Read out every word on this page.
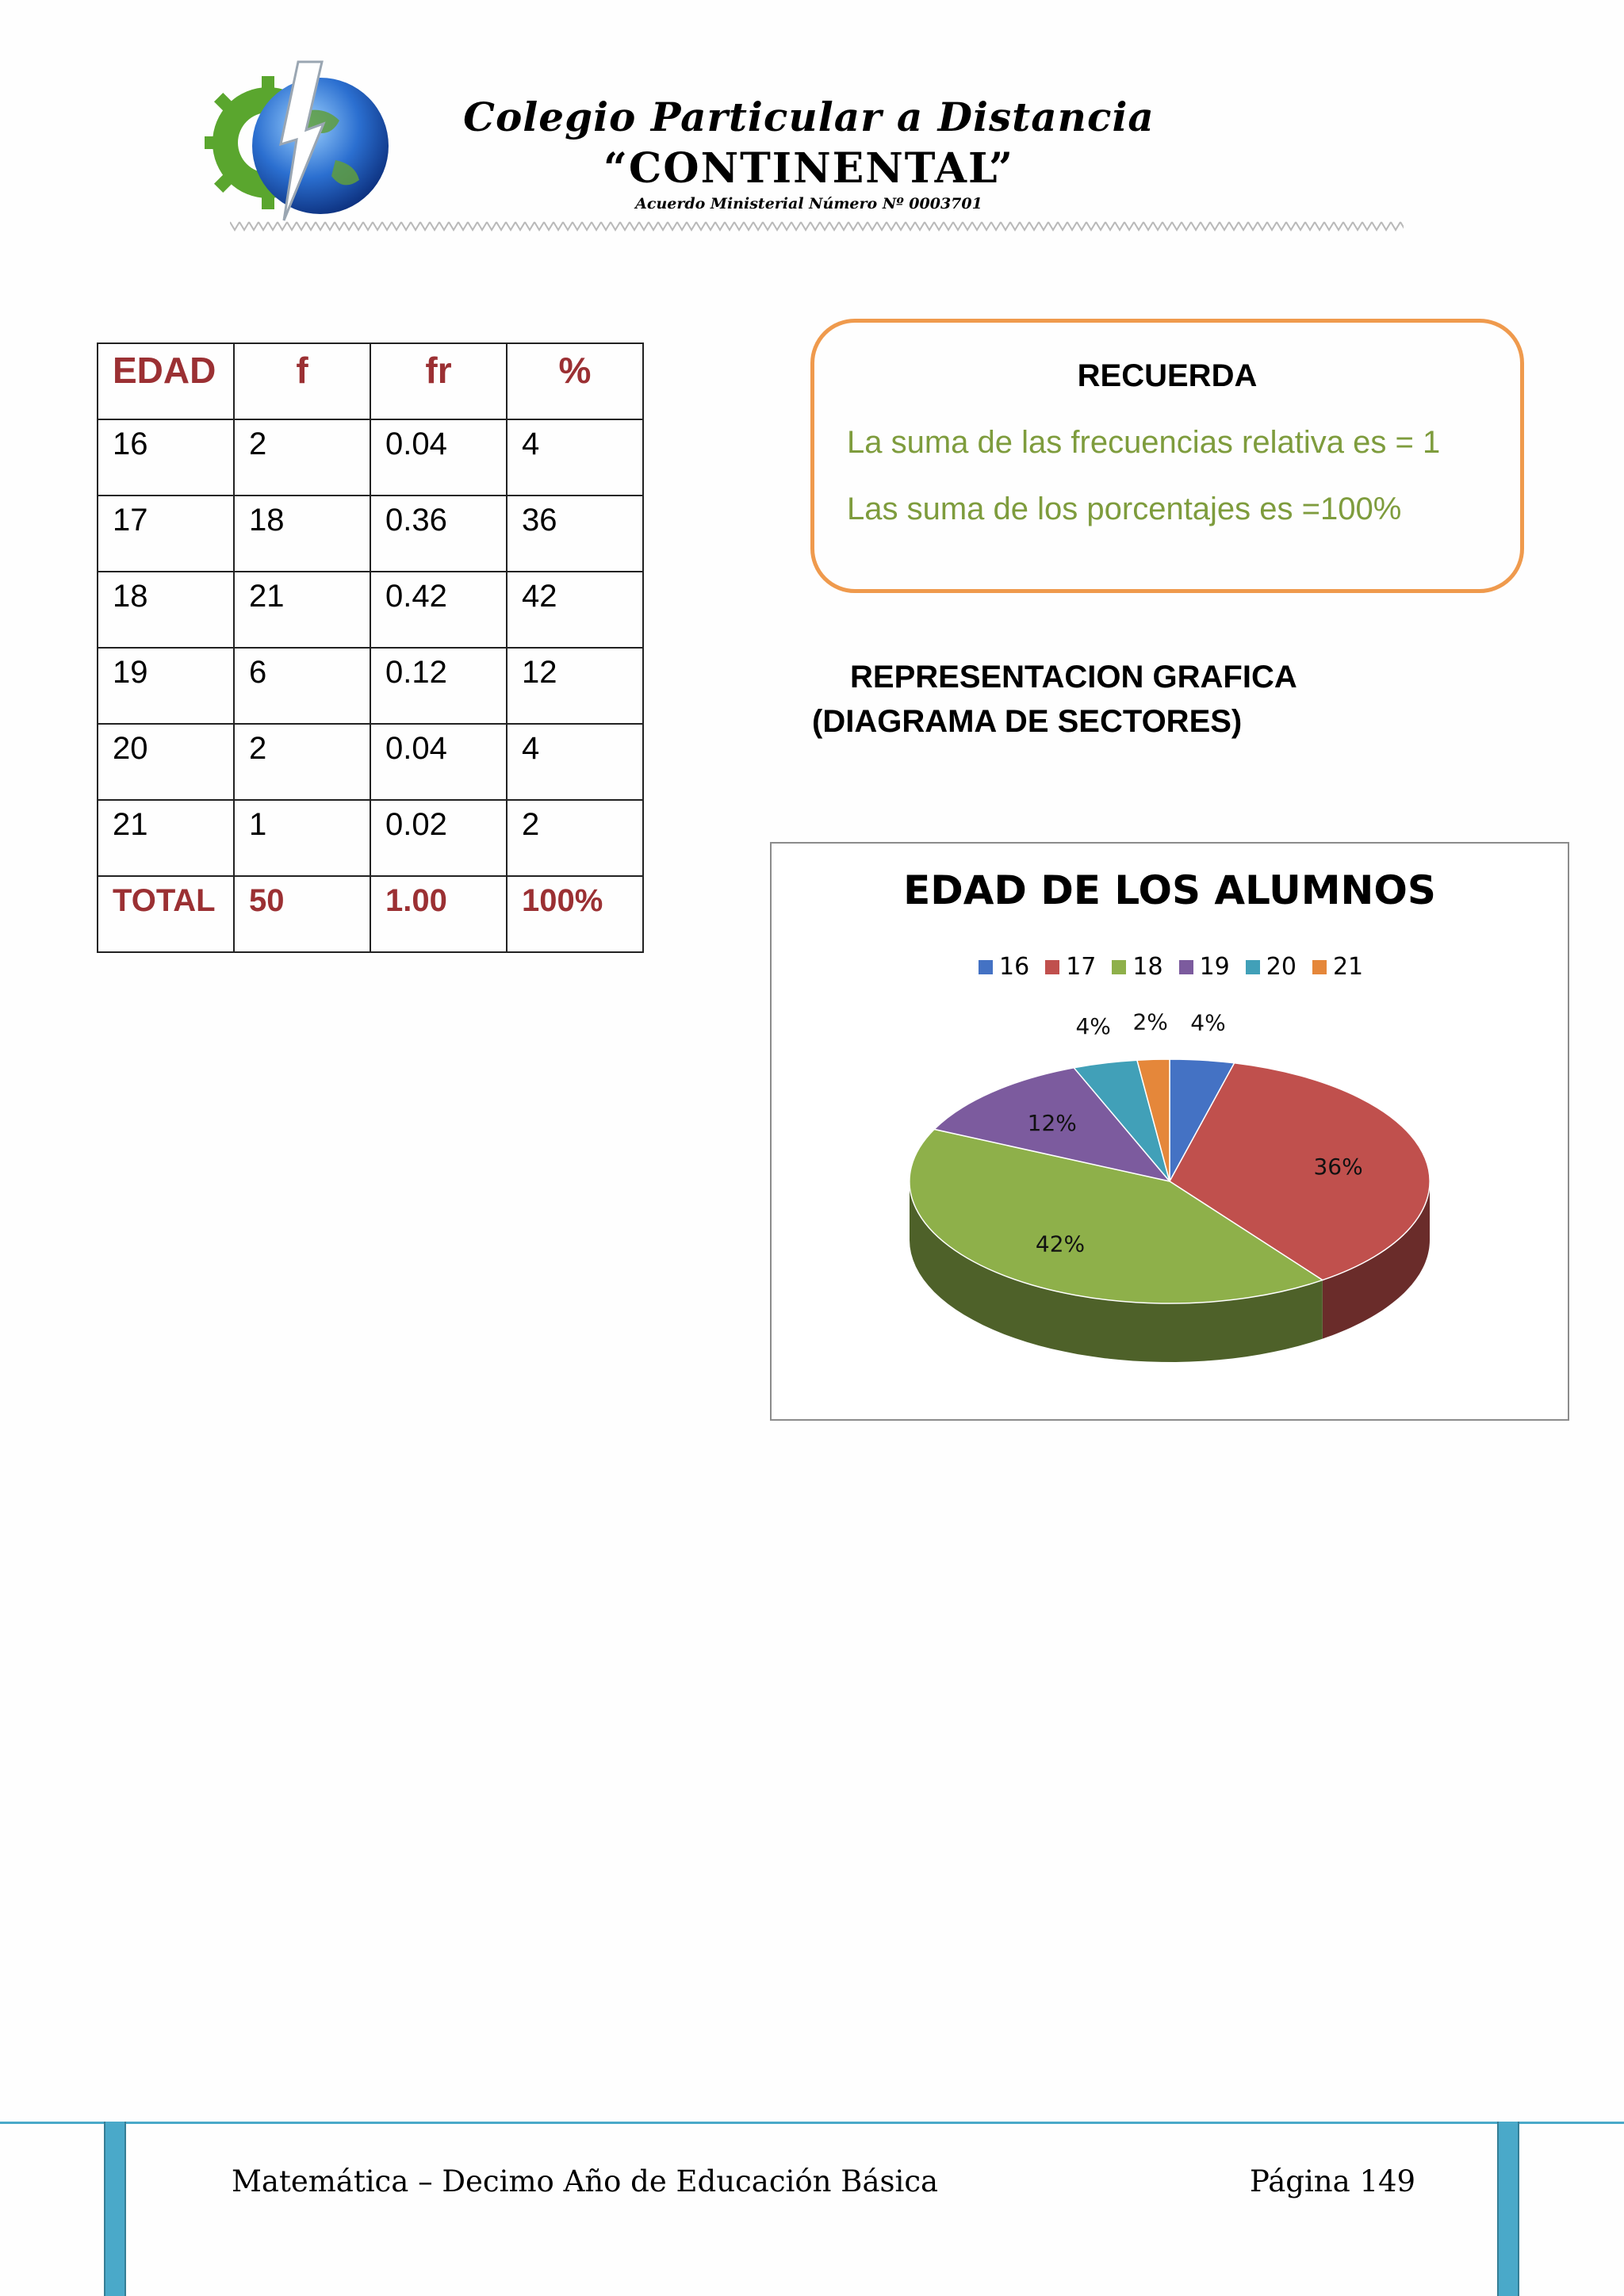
Colegio Particular a Distancia
“CONTINENTAL”
Acuerdo Ministerial Número Nº 0003701
EDAD	f	fr	%
16	2	0.04	4
17	18	0.36	36
18	21	0.42	42
19	6	0.12	12
20	2	0.04	4
21	1	0.02	2
TOTAL	50	1.00	100%
RECUERDA
La suma de las frecuencias relativa es = 1
Las suma de los porcentajes es =100%
REPRESENTACION GRAFICA
(DIAGRAMA DE SECTORES)
EDAD DE LOS ALUMNOS
16 17 18 19 20 21
4%
36%
42%
12%
4% 2%
Matemática – Decimo Año de Educación Básica	Página 149
